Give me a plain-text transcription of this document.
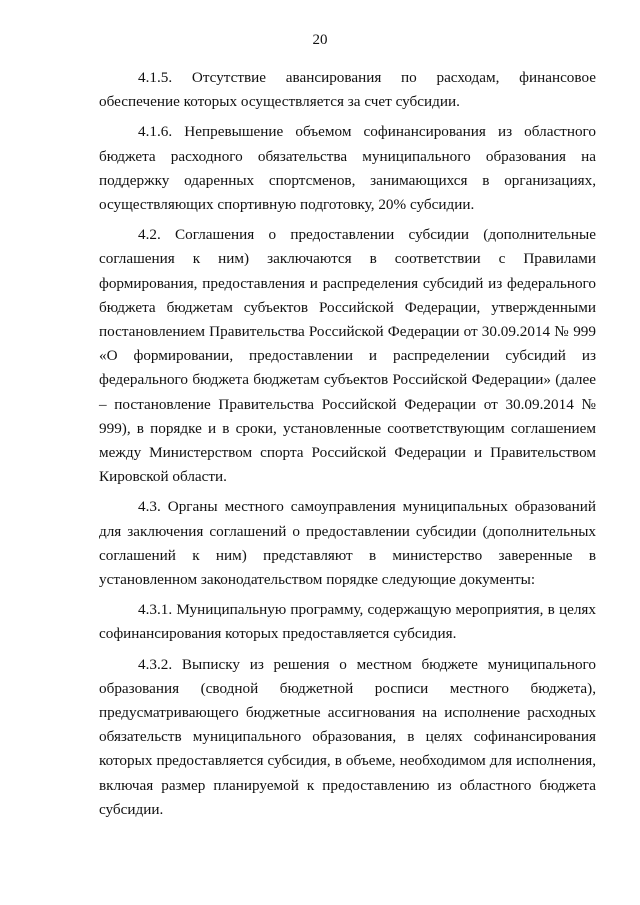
20

4.1.5. Отсутствие авансирования по расходам, финансовое обеспечение которых осуществляется за счет субсидии.

4.1.6. Непревышение объемом софинансирования из областного бюджета расходного обязательства муниципального образования на поддержку одаренных спортсменов, занимающихся в организациях, осуществляющих спортивную подготовку, 20% субсидии.

4.2. Соглашения о предоставлении субсидии (дополнительные соглашения к ним) заключаются в соответствии с Правилами формирования, предоставления и распределения субсидий из федерального бюджета бюджетам субъектов Российской Федерации, утвержденными постановлением Правительства Российской Федерации от 30.09.2014 № 999 «О формировании, предоставлении и распределении субсидий из федерального бюджета бюджетам субъектов Российской Федерации» (далее – постановление Правительства Российской Федерации от 30.09.2014 № 999), в порядке и в сроки, установленные соответствующим соглашением между Министерством спорта Российской Федерации и Правительством Кировской области.

4.3. Органы местного самоуправления муниципальных образований для заключения соглашений о предоставлении субсидии (дополнительных соглашений к ним) представляют в министерство заверенные в установленном законодательством порядке следующие документы:

4.3.1. Муниципальную программу, содержащую мероприятия, в целях софинансирования которых предоставляется субсидия.

4.3.2. Выписку из решения о местном бюджете муниципального образования (сводной бюджетной росписи местного бюджета), предусматривающего бюджетные ассигнования на исполнение расходных обязательств муниципального образования, в целях софинансирования которых предоставляется субсидия, в объеме, необходимом для исполнения, включая размер планируемой к предоставлению из областного бюджета субсидии.
